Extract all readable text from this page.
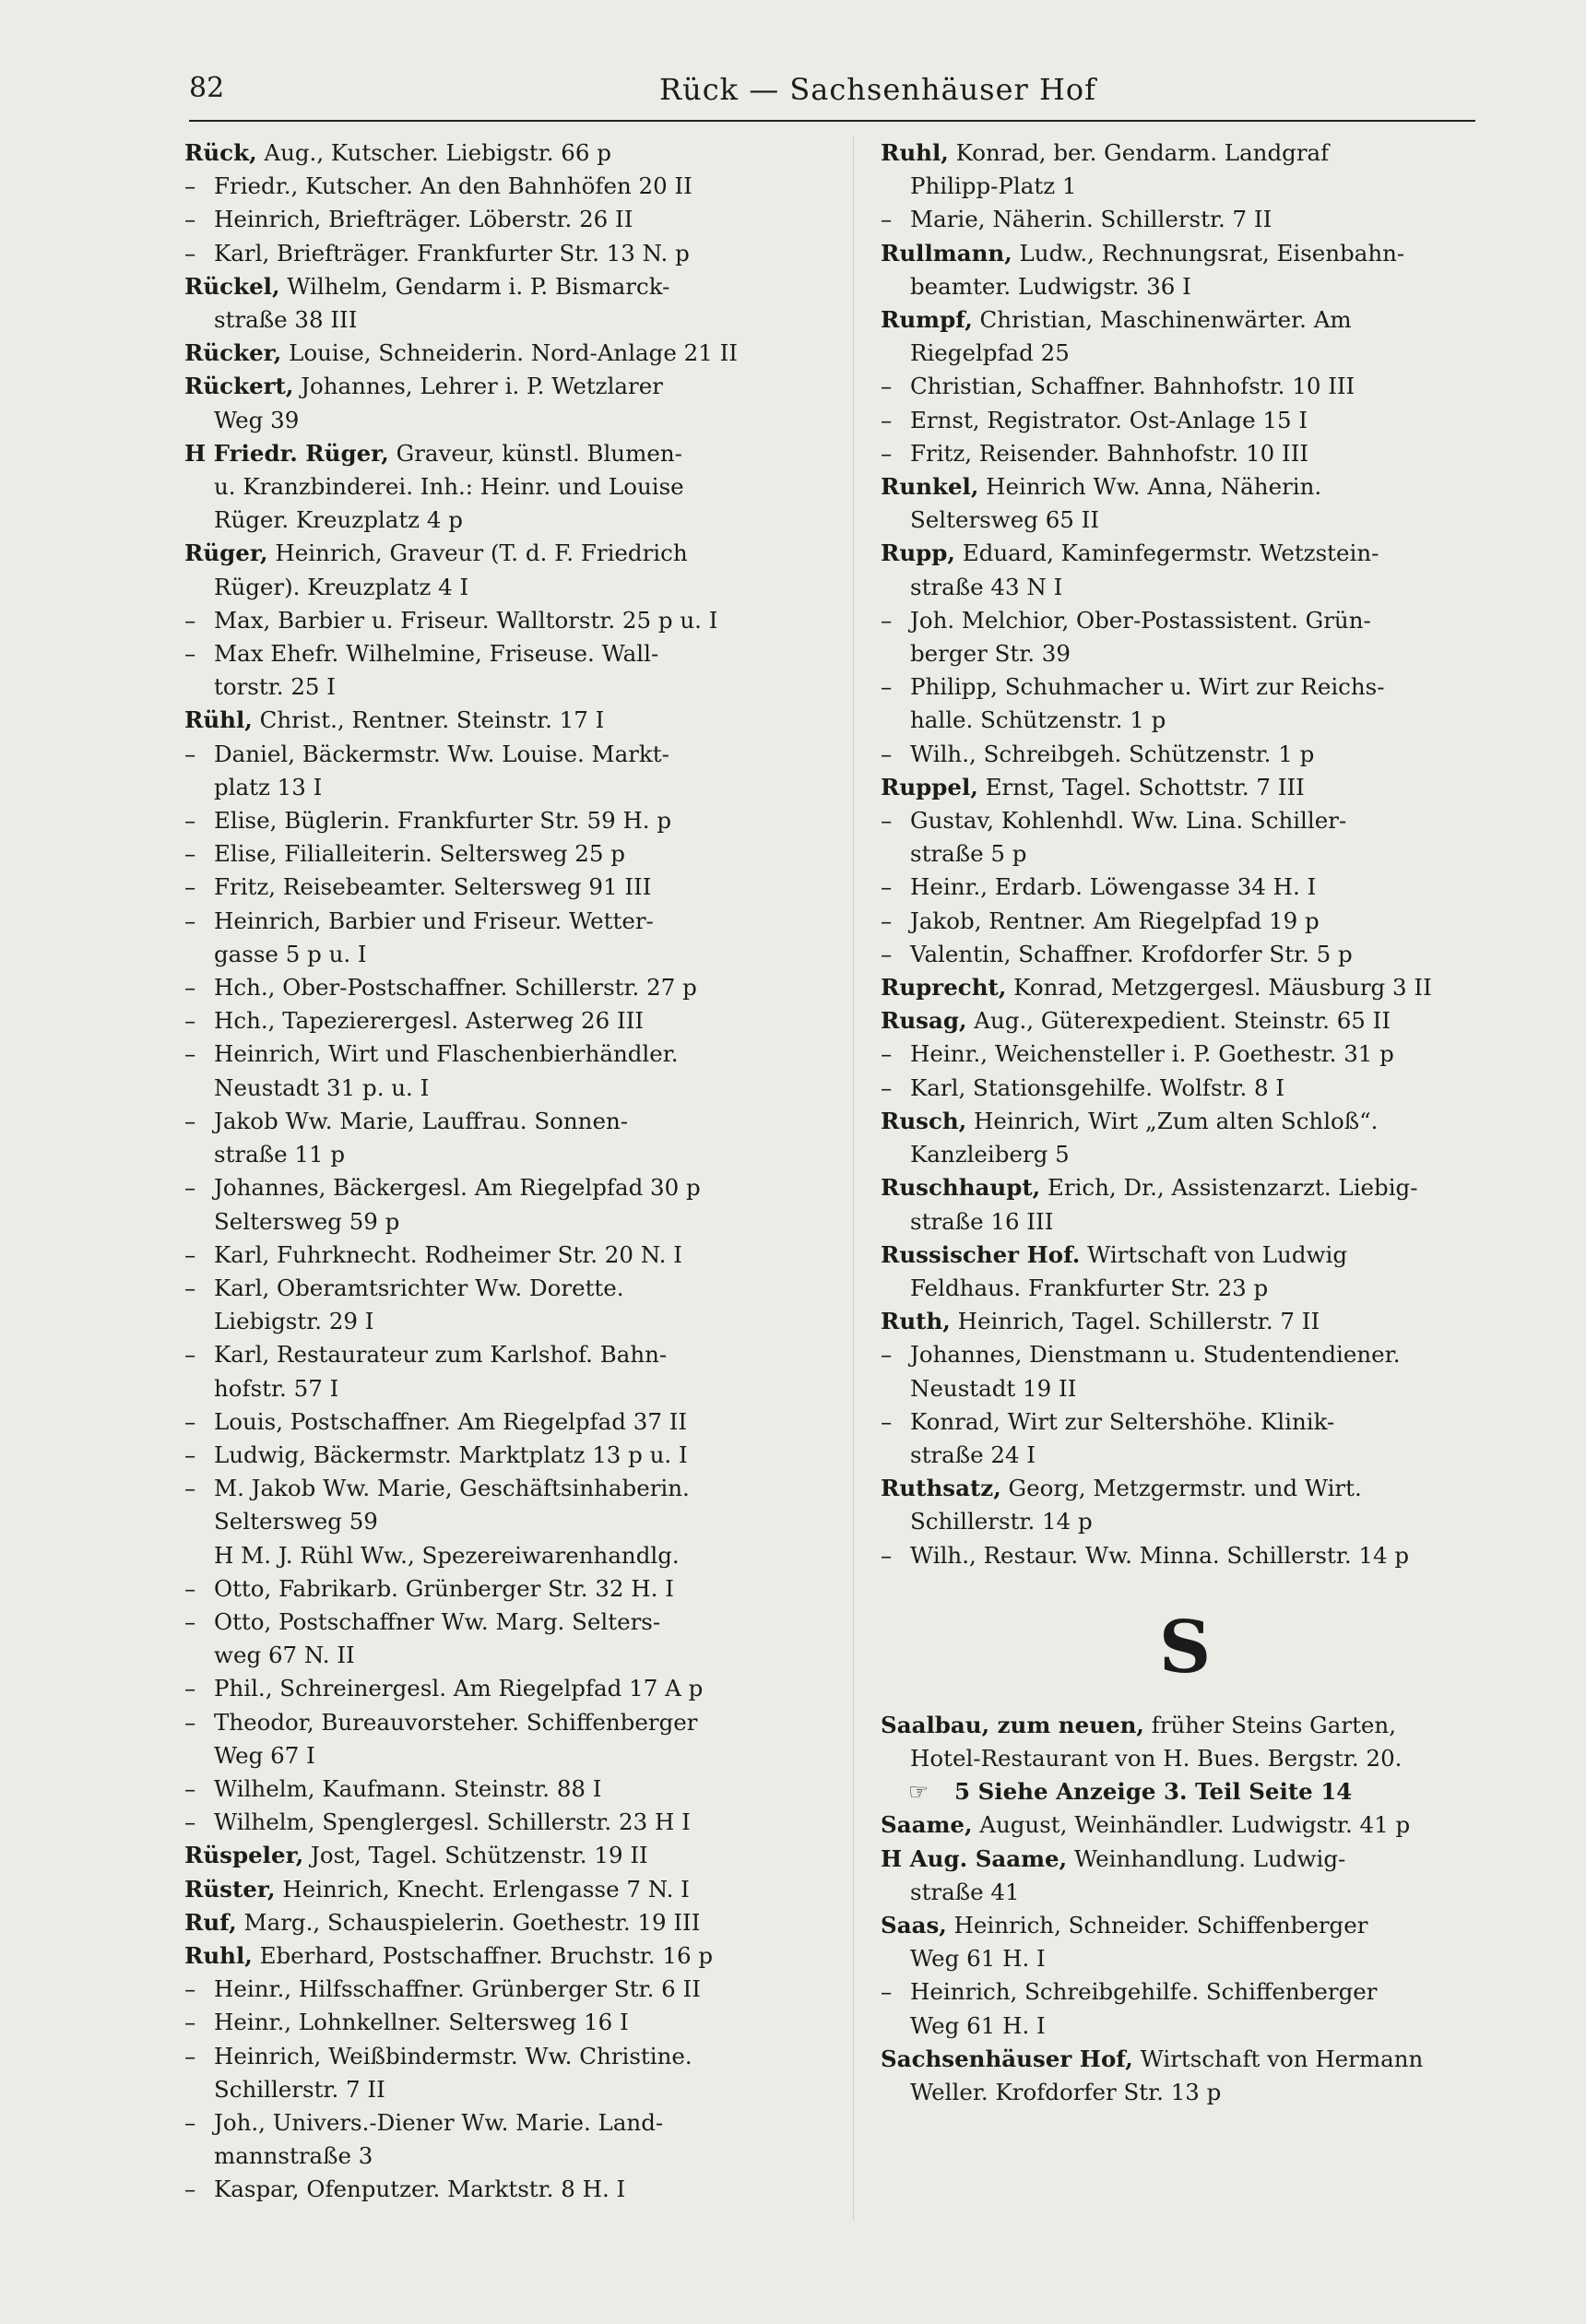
82	Rück — Sachsenhäuser Hof
Rück, Aug., Kutscher. Liebigstr. 66 p
– Friedr., Kutscher. An den Bahnhöfen 20 II
– Heinrich, Briefträger. Löberstr. 26 II
– Karl, Briefträger. Frankfurter Str. 13 N. p
Rückel, Wilhelm, Gendarm i. P. Bismarck-
straße 38 III
Rücker, Louise, Schneiderin. Nord-Anlage 21 II
Rückert, Johannes, Lehrer i. P. Wetzlarer
Weg 39
H Friedr. Rüger, Graveur, künstl. Blumen-
u. Kranzbinderei. Inh.: Heinr. und Louise
Rüger. Kreuzplatz 4 p
Rüger, Heinrich, Graveur (T. d. F. Friedrich
Rüger). Kreuzplatz 4 I
– Max, Barbier u. Friseur. Walltorstr. 25 p u. I
– Max Ehefr. Wilhelmine, Friseuse. Wall-
torstr. 25 I
Rühl, Christ., Rentner. Steinstr. 17 I
– Daniel, Bäckermstr. Ww. Louise. Markt-
platz 13 I
– Elise, Büglerin. Frankfurter Str. 59 H. p
– Elise, Filialleiterin. Seltersweg 25 p
– Fritz, Reisebeamter. Seltersweg 91 III
– Heinrich, Barbier und Friseur. Wetter-
gasse 5 p u. I
– Hch., Ober-Postschaffner. Schillerstr. 27 p
– Hch., Tapezierergesl. Asterweg 26 III
– Heinrich, Wirt und Flaschenbierhändler.
Neustadt 31 p. u. I
– Jakob Ww. Marie, Lauffrau. Sonnen-
straße 11 p
– Johannes, Bäckergesl. Am Riegelpfad 30 p
Seltersweg 59 p
– Karl, Fuhrknecht. Rodheimer Str. 20 N. I
– Karl, Oberamtsrichter Ww. Dorette.
Liebigstr. 29 I
– Karl, Restaurateur zum Karlshof. Bahn-
hofstr. 57 I
– Louis, Postschaffner. Am Riegelpfad 37 II
– Ludwig, Bäckermstr. Marktplatz 13 p u. I
– M. Jakob Ww. Marie, Geschäftsinhaberin.
Seltersweg 59
H M. J. Rühl Ww., Spezereiwarenhandlg.
– Otto, Fabrikarb. Grünberger Str. 32 H. I
– Otto, Postschaffner Ww. Marg. Selters-
weg 67 N. II
– Phil., Schreinergesl. Am Riegelpfad 17 A p
– Theodor, Bureauvorsteher. Schiffenberger
Weg 67 I
– Wilhelm, Kaufmann. Steinstr. 88 I
– Wilhelm, Spenglergesl. Schillerstr. 23 H I
Rüspeler, Jost, Tagel. Schützenstr. 19 II
Rüster, Heinrich, Knecht. Erlengasse 7 N. I
Ruf, Marg., Schauspielerin. Goethestr. 19 III
Ruhl, Eberhard, Postschaffner. Bruchstr. 16 p
– Heinr., Hilfsschaffner. Grünberger Str. 6 II
– Heinr., Lohnkellner. Seltersweg 16 I
– Heinrich, Weißbindermstr. Ww. Christine.
Schillerstr. 7 II
– Joh., Univers.-Diener Ww. Marie. Land-
mannstraße 3
– Kaspar, Ofenputzer. Marktstr. 8 H. I
Ruhl, Konrad, ber. Gendarm. Landgraf
Philipp-Platz 1
– Marie, Näherin. Schillerstr. 7 II
Rullmann, Ludw., Rechnungsrat, Eisenbahn-
beamter. Ludwigstr. 36 I
Rumpf, Christian, Maschinenwärter. Am
Riegelpfad 25
– Christian, Schaffner. Bahnhofstr. 10 III
– Ernst, Registrator. Ost-Anlage 15 I
– Fritz, Reisender. Bahnhofstr. 10 III
Runkel, Heinrich Ww. Anna, Näherin.
Seltersweg 65 II
Rupp, Eduard, Kaminfegermstr. Wetzstein-
straße 43 N I
– Joh. Melchior, Ober-Postassistent. Grün-
berger Str. 39
– Philipp, Schuhmacher u. Wirt zur Reichs-
halle. Schützenstr. 1 p
– Wilh., Schreibgeh. Schützenstr. 1 p
Ruppel, Ernst, Tagel. Schottstr. 7 III
– Gustav, Kohlenhdl. Ww. Lina. Schiller-
straße 5 p
– Heinr., Erdarb. Löwengasse 34 H. I
– Jakob, Rentner. Am Riegelpfad 19 p
– Valentin, Schaffner. Krofdorfer Str. 5 p
Ruprecht, Konrad, Metzgergesl. Mäusburg 3 II
Rusag, Aug., Güterexpedient. Steinstr. 65 II
– Heinr., Weichensteller i. P. Goethestr. 31 p
– Karl, Stationsgehilfe. Wolfstr. 8 I
Rusch, Heinrich, Wirt „Zum alten Schloß“.
Kanzleiberg 5
Ruschhaupt, Erich, Dr., Assistenzarzt. Liebig-
straße 16 III
Russischer Hof. Wirtschaft von Ludwig
Feldhaus. Frankfurter Str. 23 p
Ruth, Heinrich, Tagel. Schillerstr. 7 II
– Johannes, Dienstmann u. Studentendiener.
Neustadt 19 II
– Konrad, Wirt zur Seltershöhe. Klinik-
straße 24 I
Ruthsatz, Georg, Metzgermstr. und Wirt.
Schillerstr. 14 p
– Wilh., Restaur. Ww. Minna. Schillerstr. 14 p
S
Saalbau, zum neuen, früher Steins Garten,
Hotel-Restaurant von H. Bues. Bergstr. 20.
☞ 5 Siehe Anzeige 3. Teil Seite 14
Saame, August, Weinhändler. Ludwigstr. 41 p
H Aug. Saame, Weinhandlung. Ludwig-
straße 41
Saas, Heinrich, Schneider. Schiffenberger
Weg 61 H. I
– Heinrich, Schreibgehilfe. Schiffenberger
Weg 61 H. I
Sachsenhäuser Hof, Wirtschaft von Hermann
Weller. Krofdorfer Str. 13 p
